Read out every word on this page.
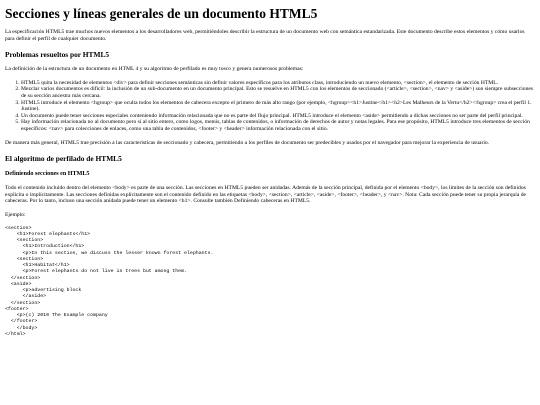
Secciones y líneas generales de un documento HTML5

La especificación HTML5 trae muchos nuevos elementos a los desarrolladores web, permitiéndoles describir la estructura de un documento web con semántica estandarizada. Este documento describe estos elementos y cómo usarlos para definir el perfil de cualquier documento.

Problemas resueltos por HTML5

La definición de la estructura de un documento en HTML 4 y su algoritmo de perfilado es muy tosco y genera numerosos problemas:

1. HTML5 quita la necesidad de elementos <div> para definir secciones semánticas sin definir valores específicos para los atributos class, introduciendo un nuevo elemento, <section>, el elemento de sección HTML.
2. Mezclar varios documentos es difícil: la inclusión de un sub-documento en un documento principal. Esto se resuelve en HTML5 con los elementos de seccionado (<article>, <section>, <nav> y <aside>) son siempre subsecciones de su sección ancestra más cercana.
3. HTML5 introduce el elemento <hgroup> que oculta todos los elementos de cabecera excepto el primero de más alto rango (por ejemplo, <hgroup><h1>Justine</h1><h2>Les Malheurs de la Vertu</h2></hgroup> crea el perfil 1. Justine).
4. Un documento puede tener secciones especiales conteniendo información relacionada que no es parte del flujo principal. HTML5 introduce el elemento <aside> permitiendo a dichas secciones no ser parte del perfil principal.
5. Hay información relacionada no al documento pero sí al sitio entero, como logos, menús, tablas de contenidos, o información de derechos de autor y notas legales. Para ese propósito, HTML5 introduce tres elementos de sección específicos: <nav> para colecciones de enlaces, como una tabla de contenidos, <footer> y <header> información relacionada con el sitio.

De manera más general, HTML5 trae precisión a las características de seccionado y cabecera, permitiendo a los perfiles de documento ser predecibles y usados por el navegador para mejorar la experiencia de usuario.

El algoritmo de perfilado de HTML5
Definiendo secciones en HTML5

Todo el contenido incluido dentro del elemento <body> es parte de una sección. Las secciones en HTML5 pueden ser anidadas. Además de la sección principal, definida por el elemento <body>, los límites de la sección son definidos explícita o implícitamente. Las secciones definidas explícitamente son el contenido definido en las etiquetas <body>, <section>, <article>, <aside>, <footer>, <header>, y <nav>. Nota: Cada sección puede tener su propia jerarquía de cabeceras. Por lo tanto, incluso una sección anidada puede tener un elemento <h1>. Consulte también Definiendo cabeceras en HTML5.

Ejemplo:

<section>
<h1>Forest elephants</h1>
<section>
<h1>Introduction</h1>
<p>In this section, we discuss the lesser known forest elephants.
<section>
<h1>Habitat</h1>
<p>Forest elephants do not live in trees but among them.
</section>
<aside>
<p>advertising block
</aside>
</section>
<footer>
<p>(c) 2010 The Example company
</footer>
</body>
</html>
